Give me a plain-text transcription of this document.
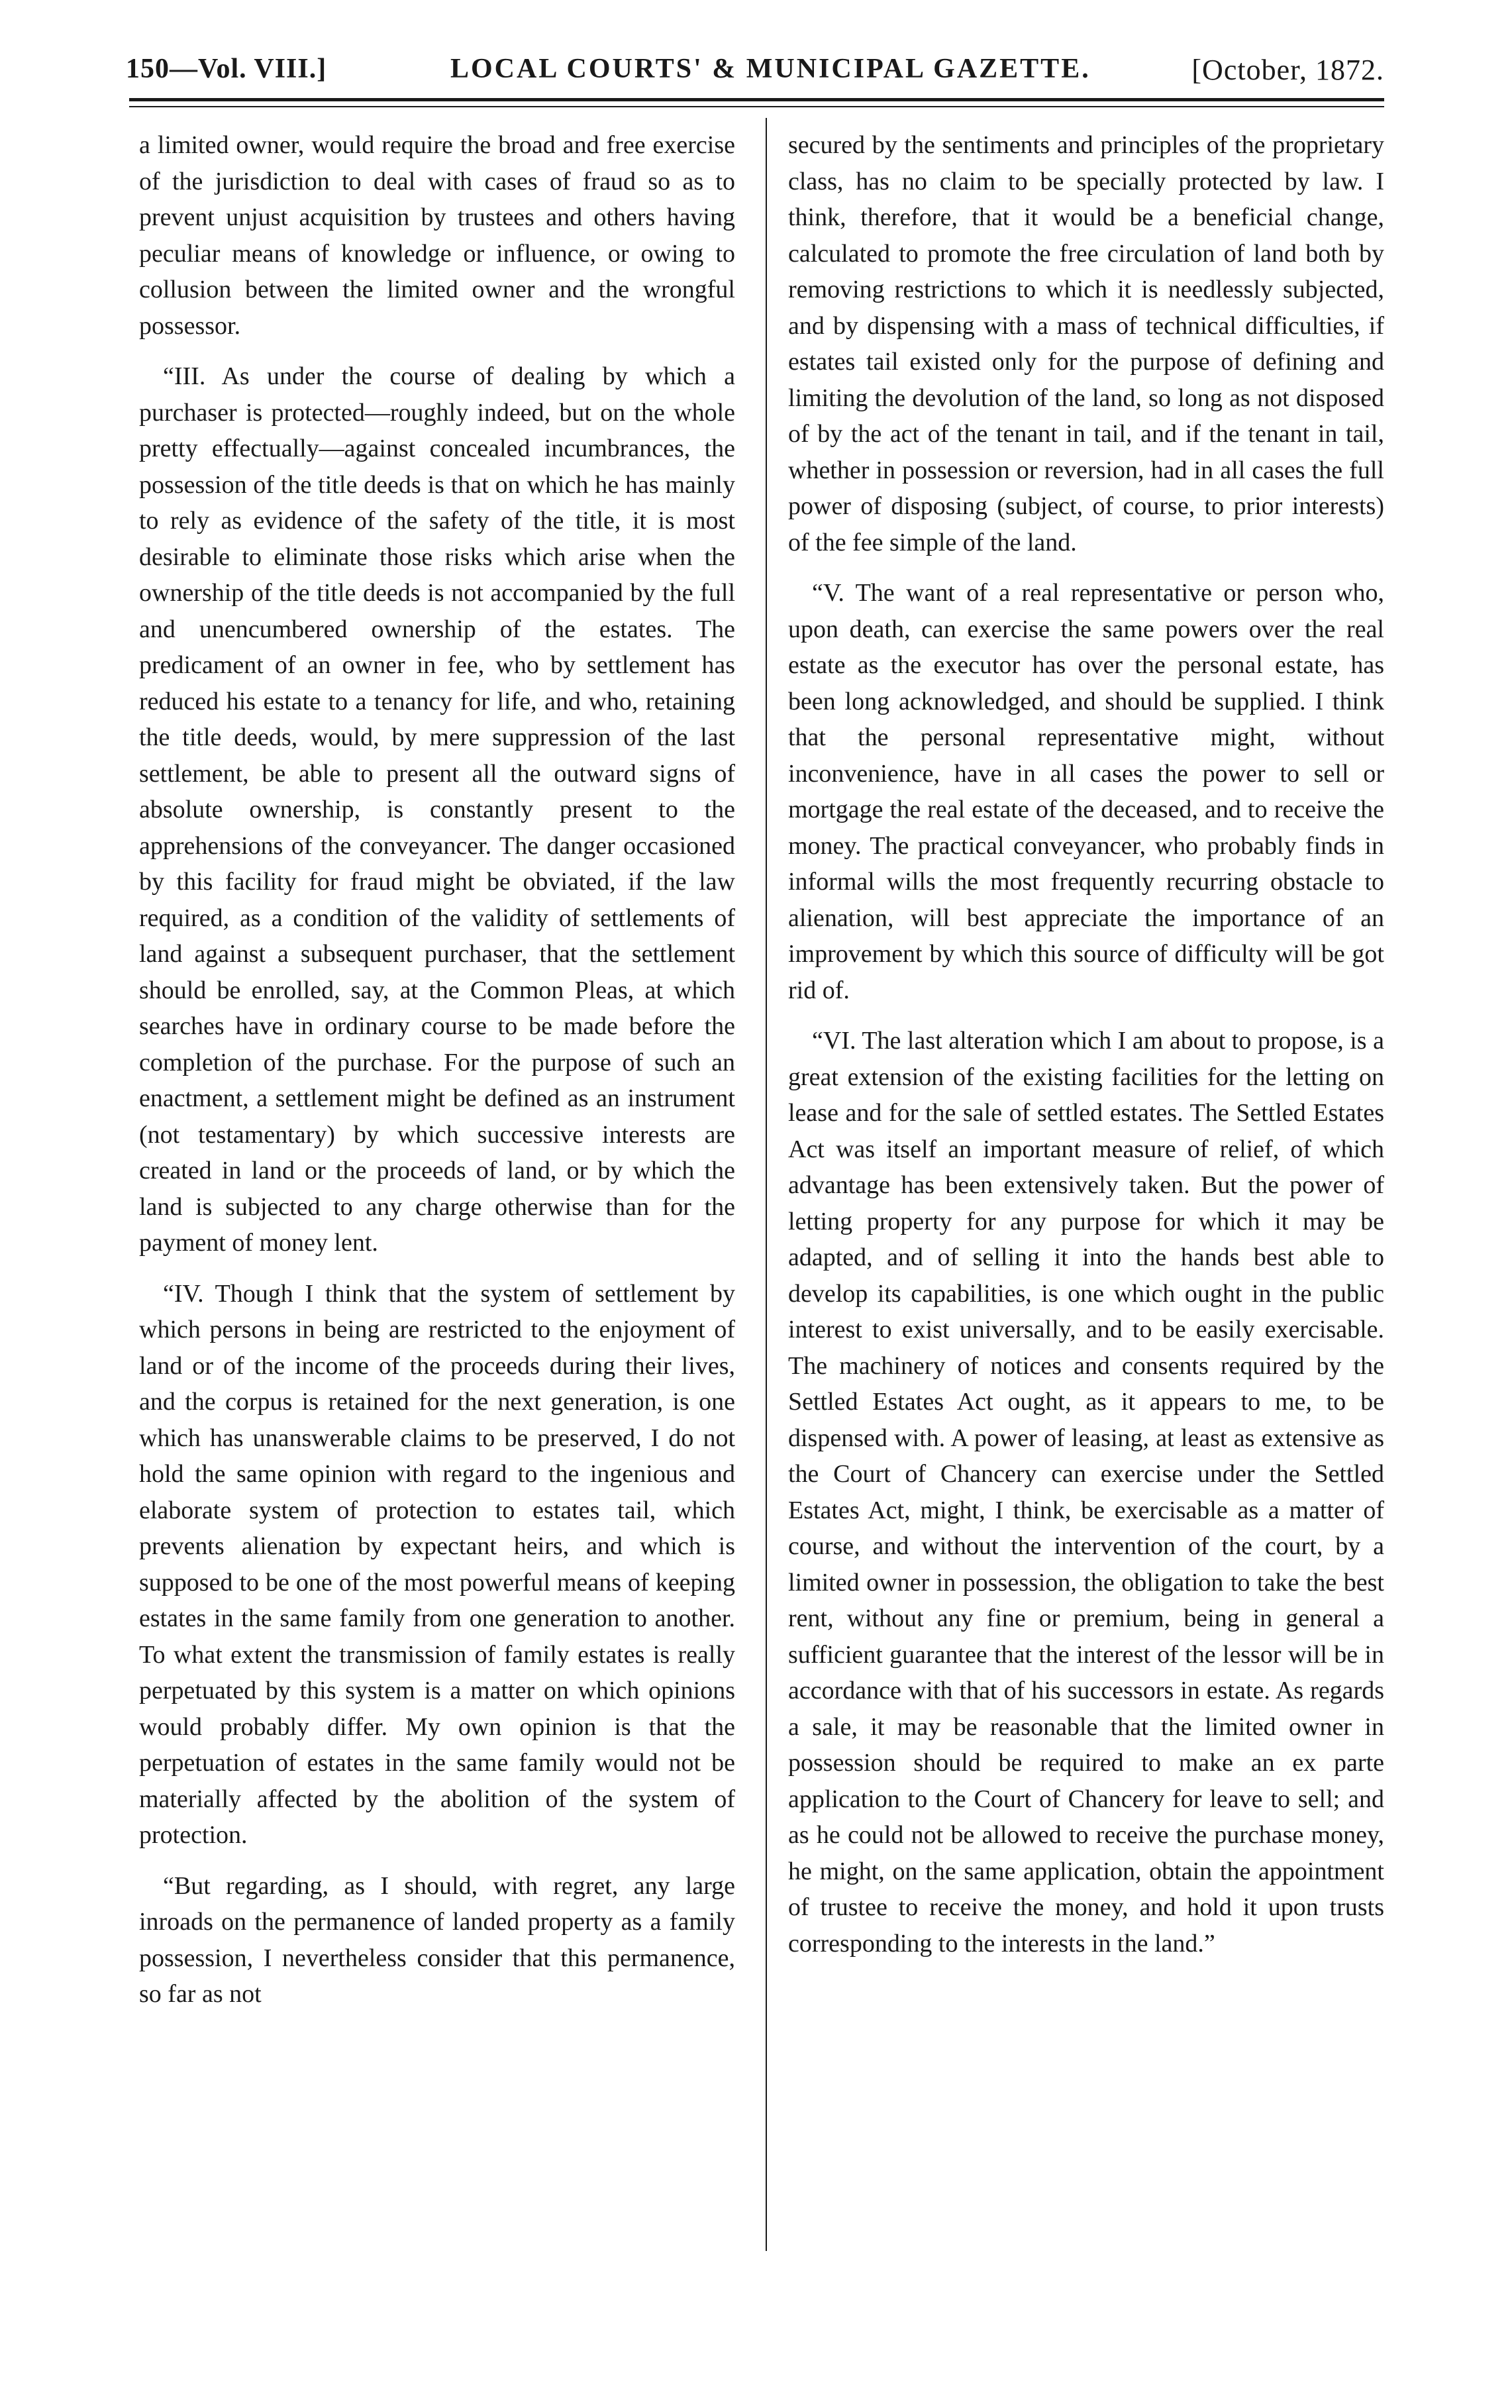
150—Vol. VIII.]	LOCAL COURTS' & MUNICIPAL GAZETTE.	[October, 1872.

a limited owner, would require the broad and free exercise of the jurisdiction to deal with cases of fraud so as to prevent unjust acquisition by trustees and others having peculiar means of knowledge or influence, or owing to collusion between the limited owner and the wrongful possessor.

“III. As under the course of dealing by which a purchaser is protected—roughly indeed, but on the whole pretty effectually—against concealed incumbrances, the possession of the title deeds is that on which he has mainly to rely as evidence of the safety of the title, it is most desirable to eliminate those risks which arise when the ownership of the title deeds is not accompanied by the full and unencumbered ownership of the estates. The predicament of an owner in fee, who by settlement has reduced his estate to a tenancy for life, and who, retaining the title deeds, would, by mere suppression of the last settlement, be able to present all the outward signs of absolute ownership, is constantly present to the apprehensions of the conveyancer. The danger occasioned by this facility for fraud might be obviated, if the law required, as a condition of the validity of settlements of land against a subsequent purchaser, that the settlement should be enrolled, say, at the Common Pleas, at which searches have in ordinary course to be made before the completion of the purchase. For the purpose of such an enactment, a settlement might be defined as an instrument (not testamentary) by which successive interests are created in land or the proceeds of land, or by which the land is subjected to any charge otherwise than for the payment of money lent.

“IV. Though I think that the system of settlement by which persons in being are restricted to the enjoyment of land or of the income of the proceeds during their lives, and the corpus is retained for the next generation, is one which has unanswerable claims to be preserved, I do not hold the same opinion with regard to the ingenious and elaborate system of protection to estates tail, which prevents alienation by expectant heirs, and which is supposed to be one of the most powerful means of keeping estates in the same family from one generation to another. To what extent the transmission of family estates is really perpetuated by this system is a matter on which opinions would probably differ. My own opinion is that the perpetuation of estates in the same family would not be materially affected by the abolition of the system of protection.

“But regarding, as I should, with regret, any large inroads on the permanence of landed property as a family possession, I nevertheless consider that this permanence, so far as not

secured by the sentiments and principles of the proprietary class, has no claim to be specially protected by law. I think, therefore, that it would be a beneficial change, calculated to promote the free circulation of land both by removing restrictions to which it is needlessly subjected, and by dispensing with a mass of technical difficulties, if estates tail existed only for the purpose of defining and limiting the devolution of the land, so long as not disposed of by the act of the tenant in tail, and if the tenant in tail, whether in possession or reversion, had in all cases the full power of disposing (subject, of course, to prior interests) of the fee simple of the land.

“V. The want of a real representative or person who, upon death, can exercise the same powers over the real estate as the executor has over the personal estate, has been long acknowledged, and should be supplied. I think that the personal representative might, without inconvenience, have in all cases the power to sell or mortgage the real estate of the deceased, and to receive the money. The practical conveyancer, who probably finds in informal wills the most frequently recurring obstacle to alienation, will best appreciate the importance of an improvement by which this source of difficulty will be got rid of.

“VI. The last alteration which I am about to propose, is a great extension of the existing facilities for the letting on lease and for the sale of settled estates. The Settled Estates Act was itself an important measure of relief, of which advantage has been extensively taken. But the power of letting property for any purpose for which it may be adapted, and of selling it into the hands best able to develop its capabilities, is one which ought in the public interest to exist universally, and to be easily exercisable. The machinery of notices and consents required by the Settled Estates Act ought, as it appears to me, to be dispensed with. A power of leasing, at least as extensive as the Court of Chancery can exercise under the Settled Estates Act, might, I think, be exercisable as a matter of course, and without the intervention of the court, by a limited owner in possession, the obligation to take the best rent, without any fine or premium, being in general a sufficient guarantee that the interest of the lessor will be in accordance with that of his successors in estate. As regards a sale, it may be reasonable that the limited owner in possession should be required to make an ex parte application to the Court of Chancery for leave to sell; and as he could not be allowed to receive the purchase money, he might, on the same application, obtain the appointment of trustee to receive the money, and hold it upon trusts corresponding to the interests in the land.”
